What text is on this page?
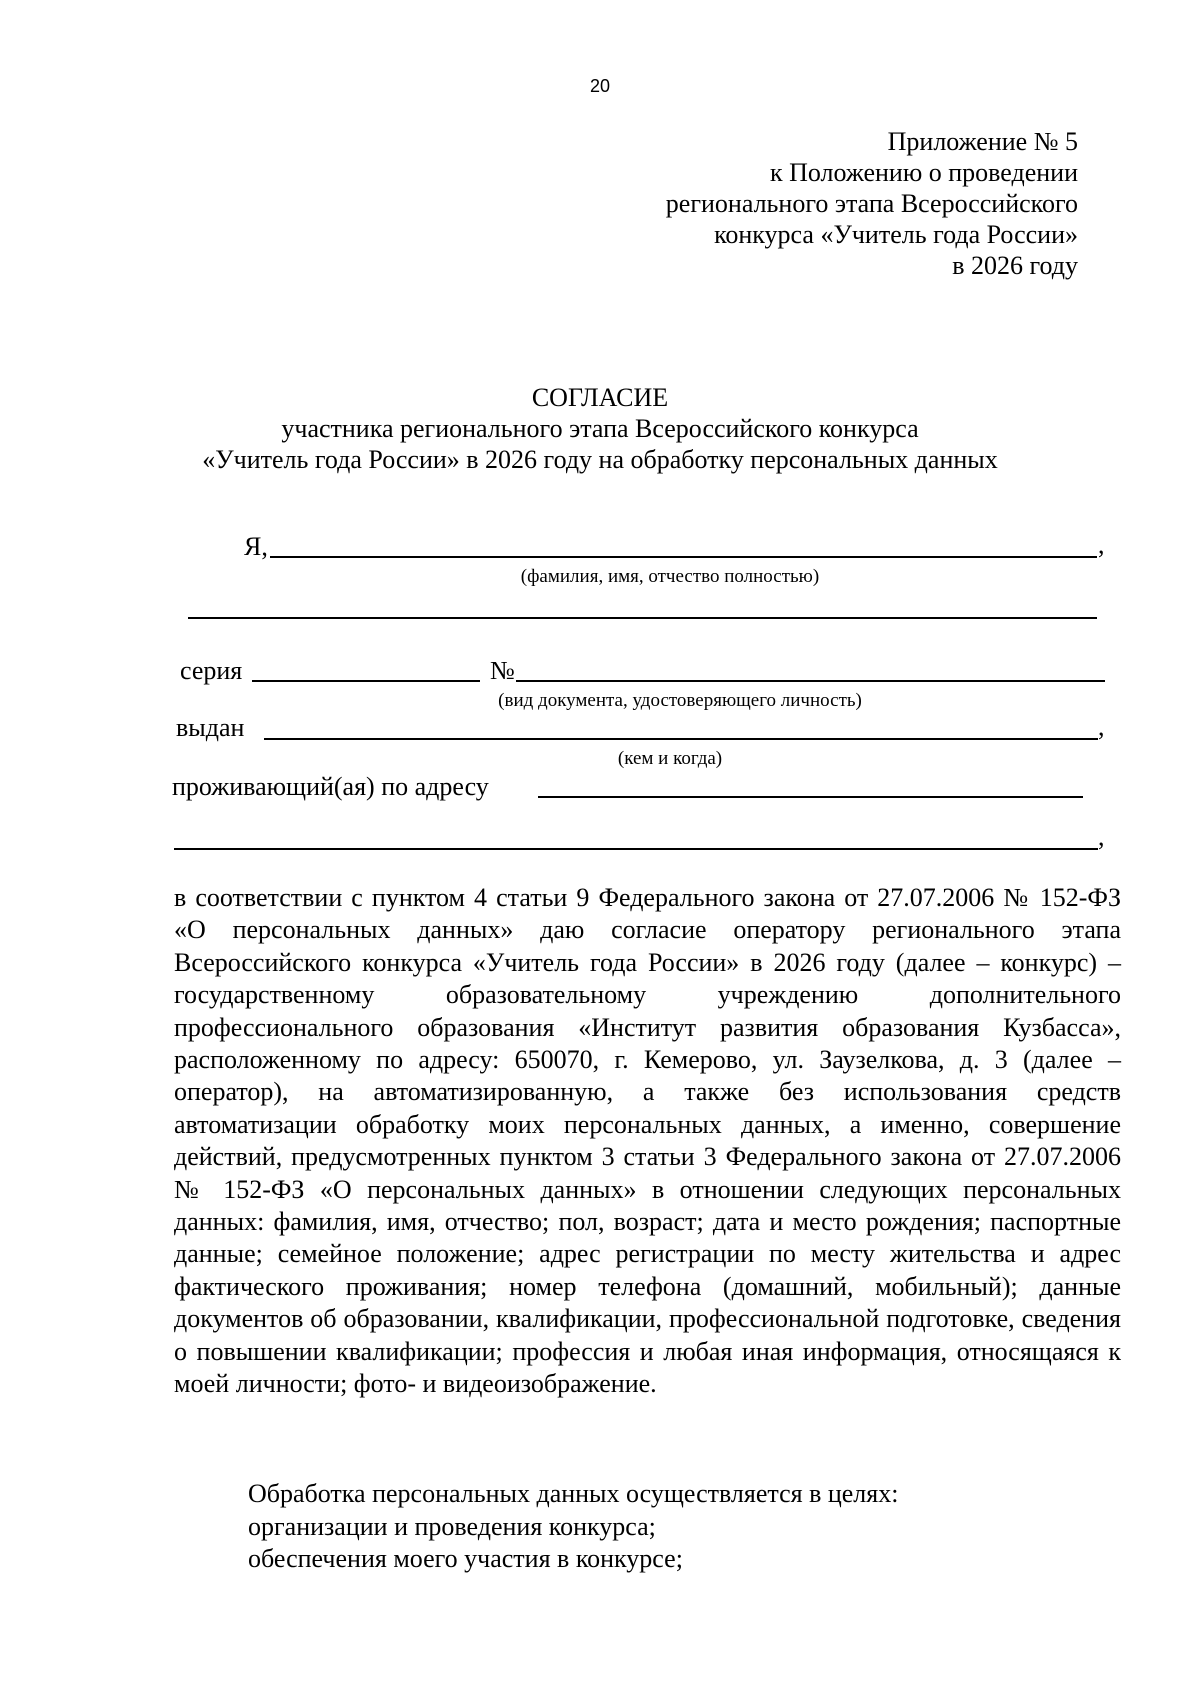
20
Приложение № 5
к Положению о проведении
регионального этапа Всероссийского
конкурса «Учитель года России»
в 2026 году
СОГЛАСИЕ
участника регионального этапа Всероссийского конкурса
«Учитель года России» в 2026 году на обработку персональных данных
Я,	,
(фамилия, имя, отчество полностью)
серия	№
(вид документа, удостоверяющего личность)
выдан	,
(кем и когда)
проживающий(ая) по адресу
,

в соответствии с пунктом 4 статьи 9 Федерального закона от 27.07.2006 № 152-ФЗ «О персональных данных» даю согласие оператору регионального этапа Всероссийского конкурса «Учитель года России» в 2026 году (далее – конкурс) – государственному образовательному учреждению дополнительного профессионального образования «Институт развития образования Кузбасса», расположенному по адресу: 650070, г. Кемерово, ул. Заузелкова, д. 3 (далее – оператор), на автоматизированную, а также без использования средств автоматизации обработку моих персональных данных, а именно, совершение действий, предусмотренных пунктом 3 статьи 3 Федерального закона от 27.07.2006 № 152-ФЗ «О персональных данных» в отношении следующих персональных данных: фамилия, имя, отчество; пол, возраст; дата и место рождения; паспортные данные; семейное положение; адрес регистрации по месту жительства и адрес фактического проживания; номер телефона (домашний, мобильный); данные документов об образовании, квалификации, профессиональной подготовке, сведения о повышении квалификации; профессия и любая иная информация, относящаяся к моей личности; фото- и видеоизображение.

Обработка персональных данных осуществляется в целях:
организации и проведения конкурса;
обеспечения моего участия в конкурсе;
